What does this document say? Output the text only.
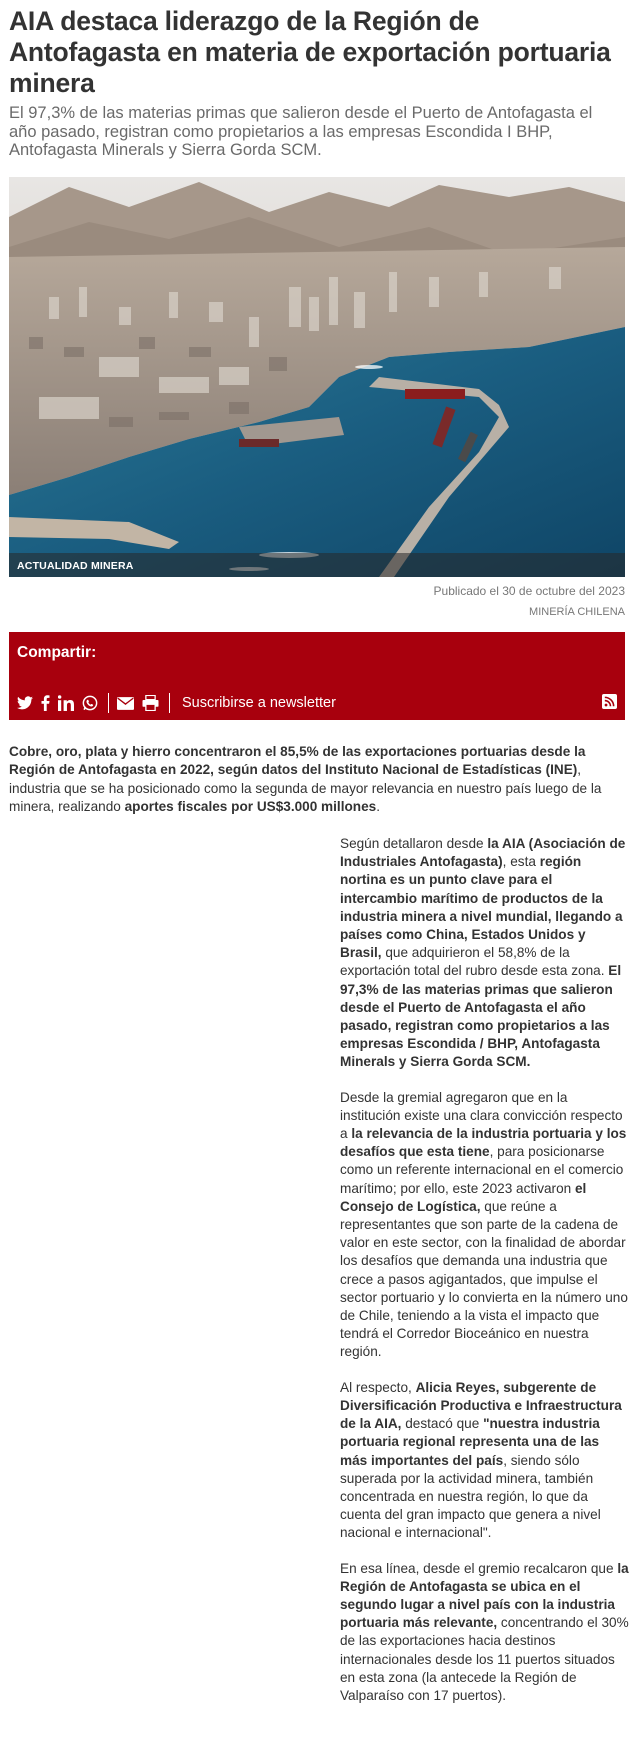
AIA destaca liderazgo de la Región de Antofagasta en materia de exportación portuaria minera
El 97,3% de las materias primas que salieron desde el Puerto de Antofagasta el año pasado, registran como propietarios a las empresas Escondida I BHP, Antofagasta Minerals y Sierra Gorda SCM.
ACTUALIDAD MINERA
Publicado el 30 de octubre del 2023
MINERÍA CHILENA
Compartir:
Suscribirse a newsletter
Cobre, oro, plata y hierro concentraron el 85,5% de las exportaciones portuarias desde la Región de Antofagasta en 2022, según datos del Instituto Nacional de Estadísticas (INE), industria que se ha posicionado como la segunda de mayor relevancia en nuestro país luego de la minera, realizando aportes fiscales por US$3.000 millones.

Según detallaron desde la AIA (Asociación de Industriales Antofagasta), esta región nortina es un punto clave para el intercambio marítimo de productos de la industria minera a nivel mundial, llegando a países como China, Estados Unidos y Brasil, que adquirieron el 58,8% de la exportación total del rubro desde esta zona. El 97,3% de las materias primas que salieron desde el Puerto de Antofagasta el año pasado, registran como propietarios a las empresas Escondida / BHP, Antofagasta Minerals y Sierra Gorda SCM.

Desde la gremial agregaron que en la institución existe una clara convicción respecto a la relevancia de la industria portuaria y los desafíos que esta tiene, para posicionarse como un referente internacional en el comercio marítimo; por ello, este 2023 activaron el Consejo de Logística, que reúne a representantes que son parte de la cadena de valor en este sector, con la finalidad de abordar los desafíos que demanda una industria que crece a pasos agigantados, que impulse el sector portuario y lo convierta en la número uno de Chile, teniendo a la vista el impacto que tendrá el Corredor Bioceánico en nuestra región.

Al respecto, Alicia Reyes, subgerente de Diversificación Productiva e Infraestructura de la AIA, destacó que "nuestra industria portuaria regional representa una de las más importantes del país, siendo sólo superada por la actividad minera, también concentrada en nuestra región, lo que da cuenta del gran impacto que genera a nivel nacional e internacional".

En esa línea, desde el gremio recalcaron que la Región de Antofagasta se ubica en el segundo lugar a nivel país con la industria portuaria más relevante, concentrando el 30% de las exportaciones hacia destinos internacionales desde los 11 puertos situados en esta zona (la antecede la Región de Valparaíso con 17 puertos).
